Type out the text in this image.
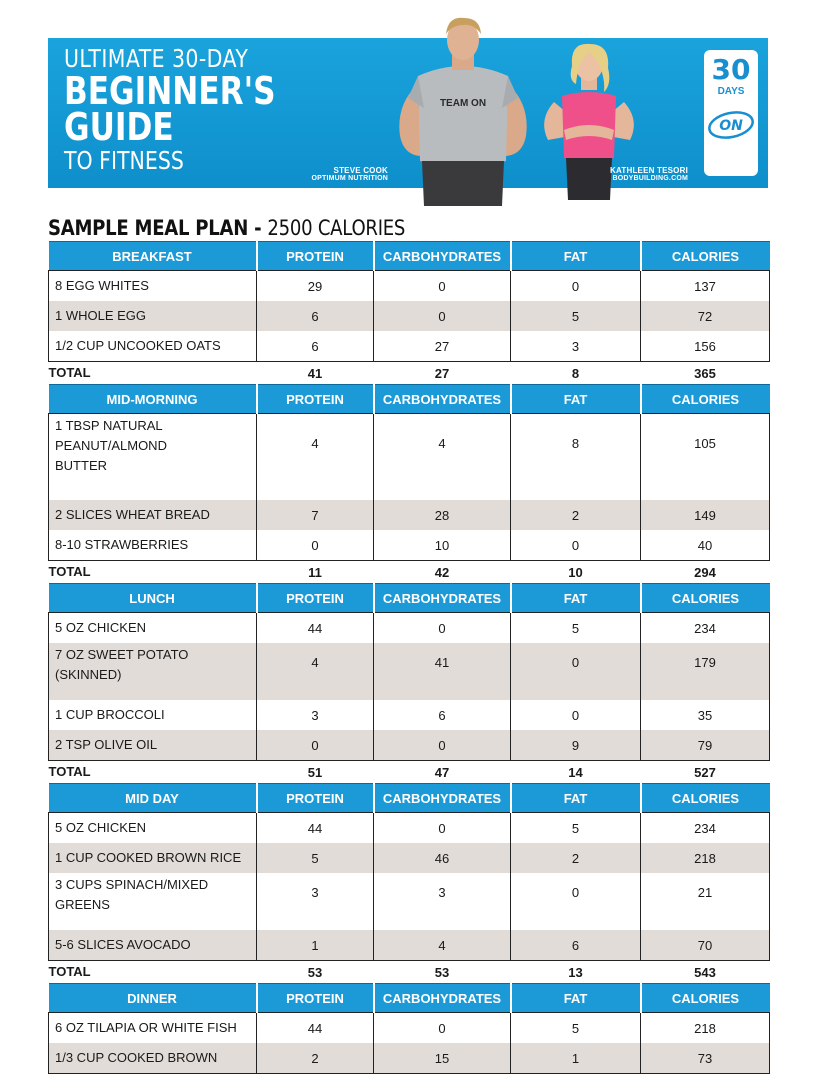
ULTIMATE 30-DAY
BEGINNER'S
GUIDE
TO FITNESS
TEAM ON
STEVE COOK
OPTIMUM NUTRITION
KATHLEEN TESORI
BODYBUILDING.COM
30
DAYS
ON
SAMPLE MEAL PLAN - 2500 CALORIES
BREAKFAST	PROTEIN	CARBOHYDRATES	FAT	CALORIES
8 EGG WHITES	29	0	0	137
1 WHOLE EGG	6	0	5	72
1/2 CUP UNCOOKED OATS	6	27	3	156
TOTAL	41	27	8	365
MID-MORNING	PROTEIN	CARBOHYDRATES	FAT	CALORIES
1 TBSP NATURAL PEANUT/ALMOND BUTTER	4	4	8	105
2 SLICES WHEAT BREAD	7	28	2	149
8-10 STRAWBERRIES	0	10	0	40
TOTAL	11	42	10	294
LUNCH	PROTEIN	CARBOHYDRATES	FAT	CALORIES
5 OZ CHICKEN	44	0	5	234
7 OZ SWEET POTATO (SKINNED)	4	41	0	179
1 CUP BROCCOLI	3	6	0	35
2 TSP OLIVE OIL	0	0	9	79
TOTAL	51	47	14	527
MID DAY	PROTEIN	CARBOHYDRATES	FAT	CALORIES
5 OZ CHICKEN	44	0	5	234
1 CUP COOKED BROWN RICE	5	46	2	218
3 CUPS SPINACH/MIXED GREENS	3	3	0	21
5-6 SLICES AVOCADO	1	4	6	70
TOTAL	53	53	13	543
DINNER	PROTEIN	CARBOHYDRATES	FAT	CALORIES
6 OZ TILAPIA OR WHITE FISH	44	0	5	218
1/3 CUP COOKED BROWN	2	15	1	73
